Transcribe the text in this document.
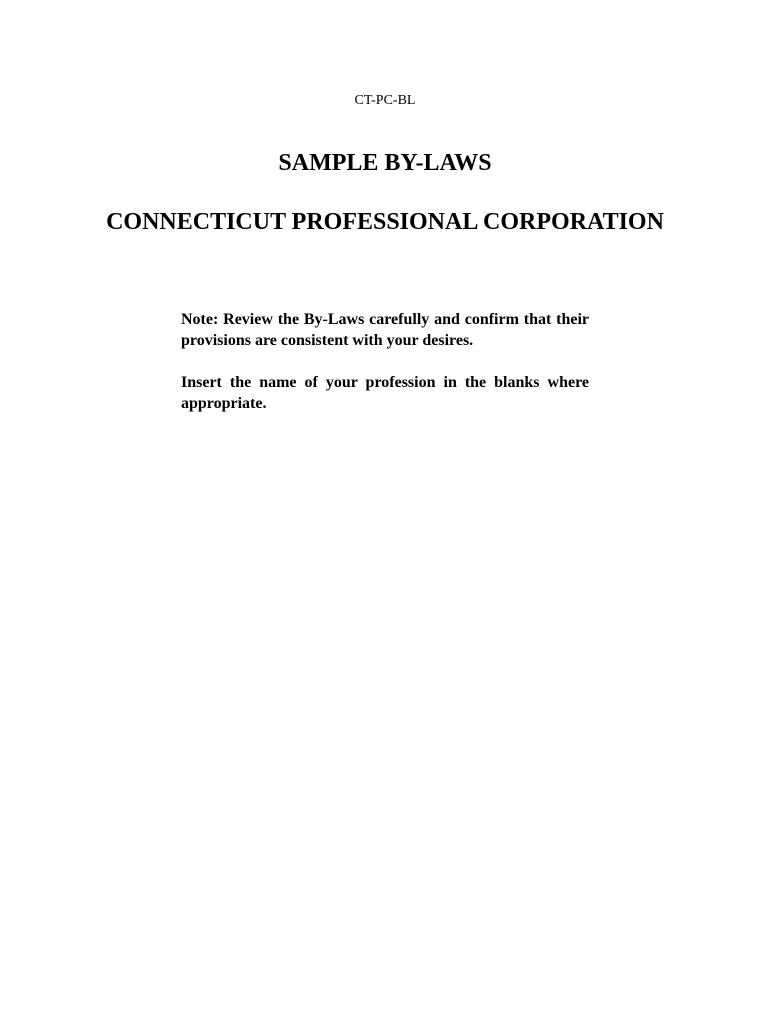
CT-PC-BL
SAMPLE BY-LAWS
CONNECTICUT PROFESSIONAL CORPORATION

Note: Review the By-Laws carefully and confirm that their provisions are consistent with your desires.

Insert the name of your profession in the blanks where appropriate.
